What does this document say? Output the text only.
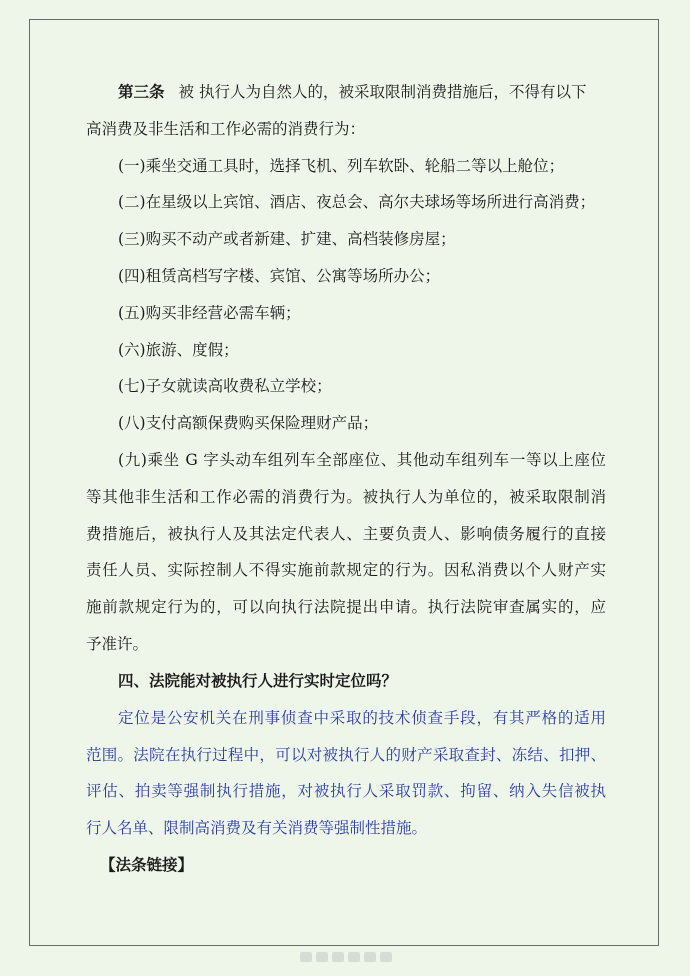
第三条 被 执行人为自然人的，被采取限制消费措施后，不得有以下
高消费及非生活和工作必需的消费行为：
(一)乘坐交通工具时，选择飞机、列车软卧、轮船二等以上舱位；
(二)在星级以上宾馆、酒店、夜总会、高尔夫球场等场所进行高消费；
(三)购买不动产或者新建、扩建、高档装修房屋；
(四)租赁高档写字楼、宾馆、公寓等场所办公；
(五)购买非经营必需车辆；
(六)旅游、度假；
(七)子女就读高收费私立学校；
(八)支付高额保费购买保险理财产品；
(九)乘坐 G 字头动车组列车全部座位、其他动车组列车一等以上座位
等其他非生活和工作必需的消费行为。被执行人为单位的，被采取限制消
费措施后，被执行人及其法定代表人、主要负责人、影响债务履行的直接
责任人员、实际控制人不得实施前款规定的行为。因私消费以个人财产实
施前款规定行为的，可以向执行法院提出申请。执行法院审查属实的，应
予准许。
四、法院能对被执行人进行实时定位吗？
定位是公安机关在刑事侦查中采取的技术侦查手段，有其严格的适用
范围。法院在执行过程中，可以对被执行人的财产采取查封、冻结、扣押、
评估、拍卖等强制执行措施，对被执行人采取罚款、拘留、纳入失信被执
行人名单、限制高消费及有关消费等强制性措施。
【法条链接】
